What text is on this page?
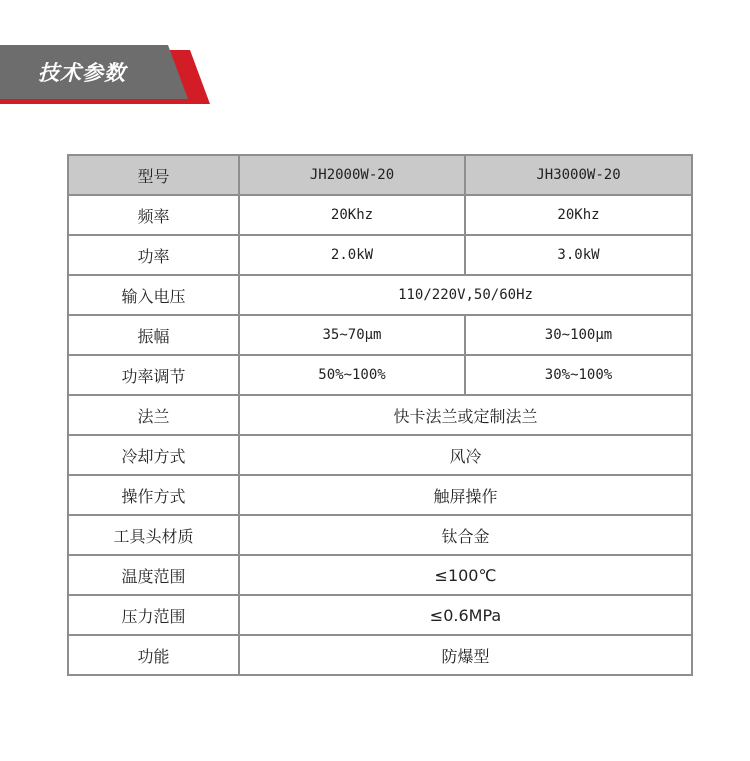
技术参数
型号	JH2000W-20	JH3000W-20
频率	20Khz	20Khz
功率	2.0kW	3.0kW
输入电压	110/220V,50/60Hz	
振幅	35~70μm	30~100μm
功率调节	50%~100%	30%~100%
法兰	快卡法兰或定制法兰	
冷却方式	风冷	
操作方式	触屏操作	
工具头材质	钛合金	
温度范围	≤100℃	
压力范围	≤0.6MPa	
功能	防爆型	
